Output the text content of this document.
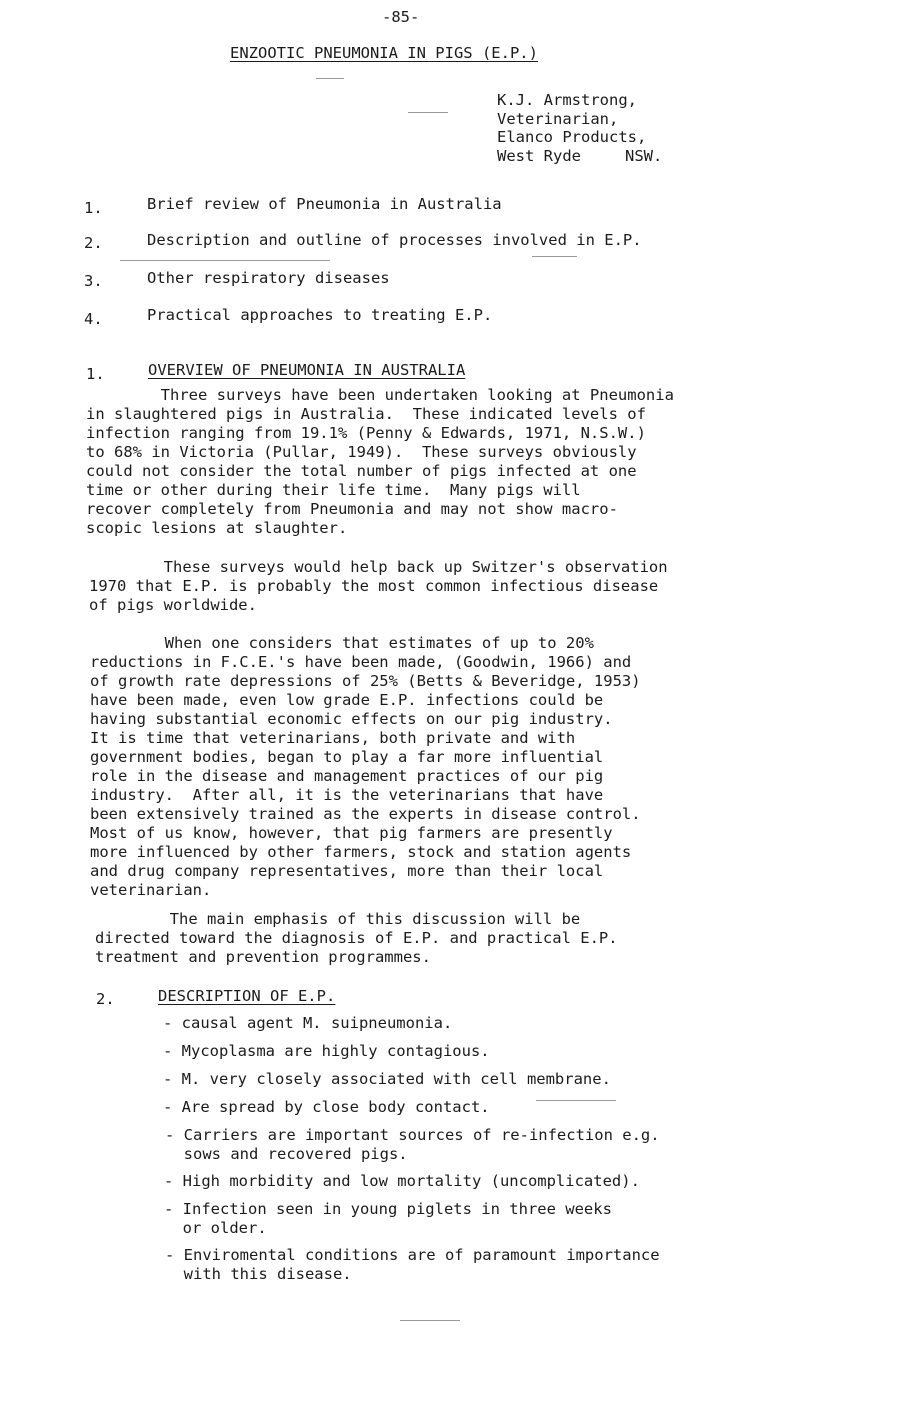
-85-
ENZOOTIC PNEUMONIA IN PIGS (E.P.)
K.J. Armstrong,
Veterinarian,
Elanco Products,
West Ryde	NSW.
1.	Brief review of Pneumonia in Australia
2.	Description and outline of processes involved in E.P.
3.	Other respiratory diseases
4.	Practical approaches to treating E.P.
1.	OVERVIEW OF PNEUMONIA IN AUSTRALIA
Three surveys have been undertaken looking at Pneumonia
in slaughtered pigs in Australia.  These indicated levels of
infection ranging from 19.1% (Penny & Edwards, 1971, N.S.W.)
to 68% in Victoria (Pullar, 1949).  These surveys obviously
could not consider the total number of pigs infected at one
time or other during their life time.  Many pigs will
recover completely from Pneumonia and may not show macro-
scopic lesions at slaughter.
These surveys would help back up Switzer's observation
1970 that E.P. is probably the most common infectious disease
of pigs worldwide.
When one considers that estimates of up to 20%
reductions in F.C.E.'s have been made, (Goodwin, 1966) and
of growth rate depressions of 25% (Betts & Beveridge, 1953)
have been made, even low grade E.P. infections could be
having substantial economic effects on our pig industry.
It is time that veterinarians, both private and with
government bodies, began to play a far more influential
role in the disease and management practices of our pig
industry.  After all, it is the veterinarians that have
been extensively trained as the experts in disease control.
Most of us know, however, that pig farmers are presently
more influenced by other farmers, stock and station agents
and drug company representatives, more than their local
veterinarian.
The main emphasis of this discussion will be
directed toward the diagnosis of E.P. and practical E.P.
treatment and prevention programmes.
2.	DESCRIPTION OF E.P.
- causal agent M. suipneumonia.
- Mycoplasma are highly contagious.
- M. very closely associated with cell membrane.
- Are spread by close body contact.
- Carriers are important sources of re-infection e.g.
sows and recovered pigs.
- High morbidity and low mortality (uncomplicated).
- Infection seen in young piglets in three weeks
or older.
- Enviromental conditions are of paramount importance
with this disease.
